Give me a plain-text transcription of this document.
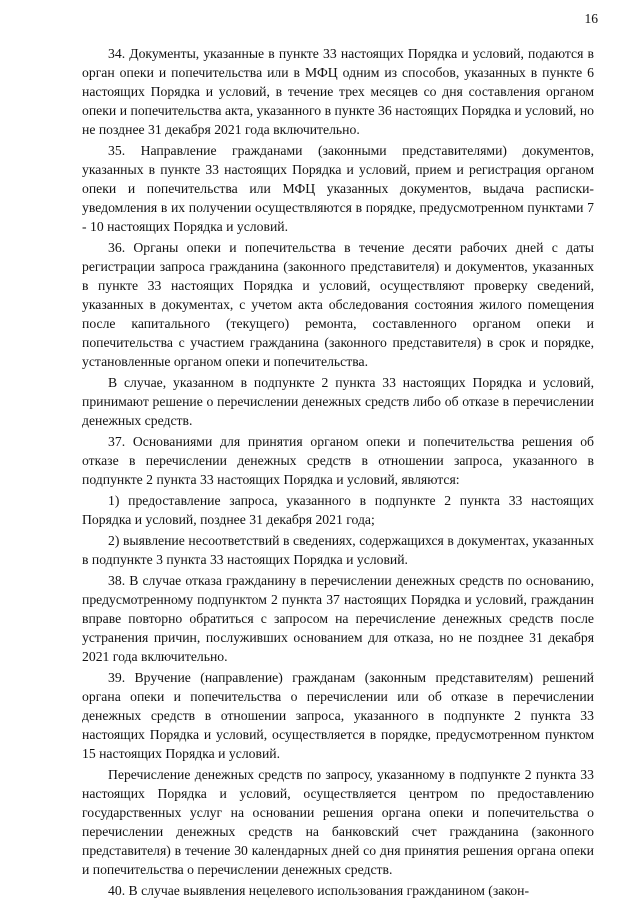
16

34. Документы, указанные в пункте 33 настоящих Порядка и условий, подаются в орган опеки и попечительства или в МФЦ одним из способов, указанных в пункте 6 настоящих Порядка и условий, в течение трех месяцев со дня составления органом опеки и попечительства акта, указанного в пункте 36 настоящих Порядка и условий, но не позднее 31 декабря 2021 года включительно.

35. Направление гражданами (законными представителями) документов, указанных в пункте 33 настоящих Порядка и условий, прием и регистрация органом опеки и попечительства или МФЦ указанных документов, выдача расписки-уведомления в их получении осуществляются в порядке, предусмотренном пунктами 7 - 10 настоящих Порядка и условий.

36. Органы опеки и попечительства в течение десяти рабочих дней с даты регистрации запроса гражданина (законного представителя) и документов, указанных в пункте 33 настоящих Порядка и условий, осуществляют проверку сведений, указанных в документах, с учетом акта обследования состояния жилого помещения после капитального (текущего) ремонта, составленного органом опеки и попечительства с участием гражданина (законного представителя) в срок и порядке, установленные органом опеки и попечительства.

В случае, указанном в подпункте 2 пункта 33 настоящих Порядка и условий, принимают решение о перечислении денежных средств либо об отказе в перечислении денежных средств.

37. Основаниями для принятия органом опеки и попечительства решения об отказе в перечислении денежных средств в отношении запроса, указанного в подпункте 2 пункта 33 настоящих Порядка и условий, являются:

1) предоставление запроса, указанного в подпункте 2 пункта 33 настоящих Порядка и условий, позднее 31 декабря 2021 года;

2) выявление несоответствий в сведениях, содержащихся в документах, указанных в подпункте 3 пункта 33 настоящих Порядка и условий.

38. В случае отказа гражданину в перечислении денежных средств по основанию, предусмотренному подпунктом 2 пункта 37 настоящих Порядка и условий, гражданин вправе повторно обратиться с запросом на перечисление денежных средств после устранения причин, послуживших основанием для отказа, но не позднее 31 декабря 2021 года включительно.

39. Вручение (направление) гражданам (законным представителям) решений органа опеки и попечительства о перечислении или об отказе в перечислении денежных средств в отношении запроса, указанного в подпункте 2 пункта 33 настоящих Порядка и условий, осуществляется в порядке, предусмотренном пунктом 15 настоящих Порядка и условий.

Перечисление денежных средств по запросу, указанному в подпункте 2 пункта 33 настоящих Порядка и условий, осуществляется центром по предоставлению государственных услуг на основании решения органа опеки и попечительства о перечислении денежных средств на банковский счет гражданина (законного представителя) в течение 30 календарных дней со дня принятия решения органа опеки и попечительства о перечислении денежных средств.

40. В случае выявления нецелевого использования гражданином (закон-
